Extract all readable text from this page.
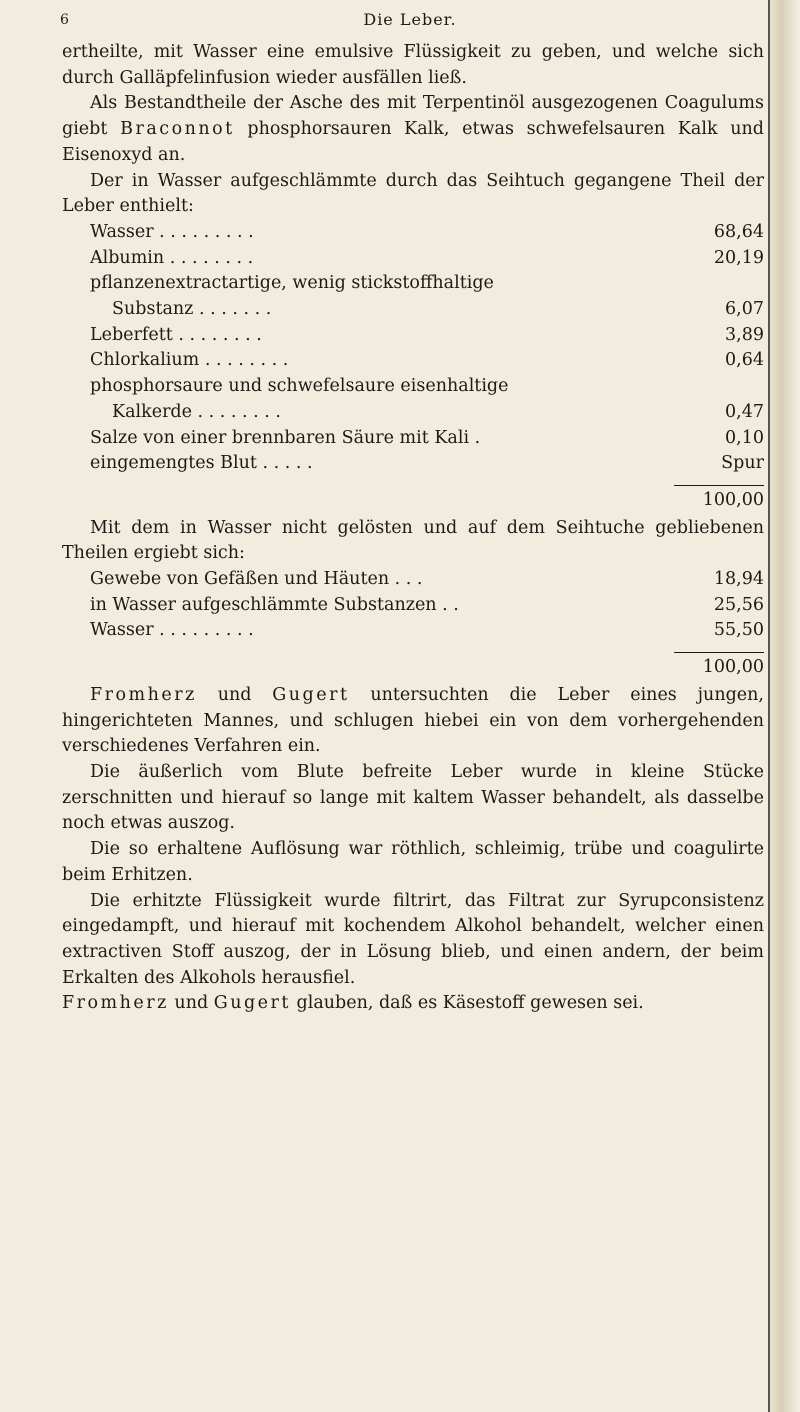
6	Die Leber.

ertheilte, mit Wasser eine emulsive Flüssigkeit zu geben, und welche sich durch Galläpfelinfusion wieder ausfällen ließ.

Als Bestandtheile der Asche des mit Terpentinöl ausgezogenen Coagulums giebt Braconnot phosphorsauren Kalk, etwas schwefelsauren Kalk und Eisenoxyd an.

Der in Wasser aufgeschlämmte durch das Seihtuch gegangene Theil der Leber enthielt:

Wasser . . . . . . . . .	68,64
Albumin . . . . . . . .	20,19
pflanzenextractartige, wenig stickstoffhaltige
Substanz . . . . . . .	6,07
Leberfett . . . . . . . .	3,89
Chlorkalium . . . . . . . .	0,64
phosphorsaure und schwefelsaure eisenhaltige
Kalkerde . . . . . . . .	0,47
Salze von einer brennbaren Säure mit Kali .	0,10
eingemengtes Blut . . . . .	Spur
100,00

Mit dem in Wasser nicht gelösten und auf dem Seihtuche gebliebenen Theilen ergiebt sich:

Gewebe von Gefäßen und Häuten . . .	18,94
in Wasser aufgeschlämmte Substanzen . .	25,56
Wasser . . . . . . . . .	55,50
100,00

Fromherz und Gugert untersuchten die Leber eines jungen, hingerichteten Mannes, und schlugen hiebei ein von dem vorhergehenden verschiedenes Verfahren ein.

Die äußerlich vom Blute befreite Leber wurde in kleine Stücke zerschnitten und hierauf so lange mit kaltem Wasser behandelt, als dasselbe noch etwas auszog.

Die so erhaltene Auflösung war röthlich, schleimig, trübe und coagulirte beim Erhitzen.

Die erhitzte Flüssigkeit wurde filtrirt, das Filtrat zur Syrupconsistenz eingedampft, und hierauf mit kochendem Alkohol behandelt, welcher einen extractiven Stoff auszog, der in Lösung blieb, und einen andern, der beim Erkalten des Alkohols herausfiel.

Fromherz und Gugert glauben, daß es Käsestoff gewesen sei.
